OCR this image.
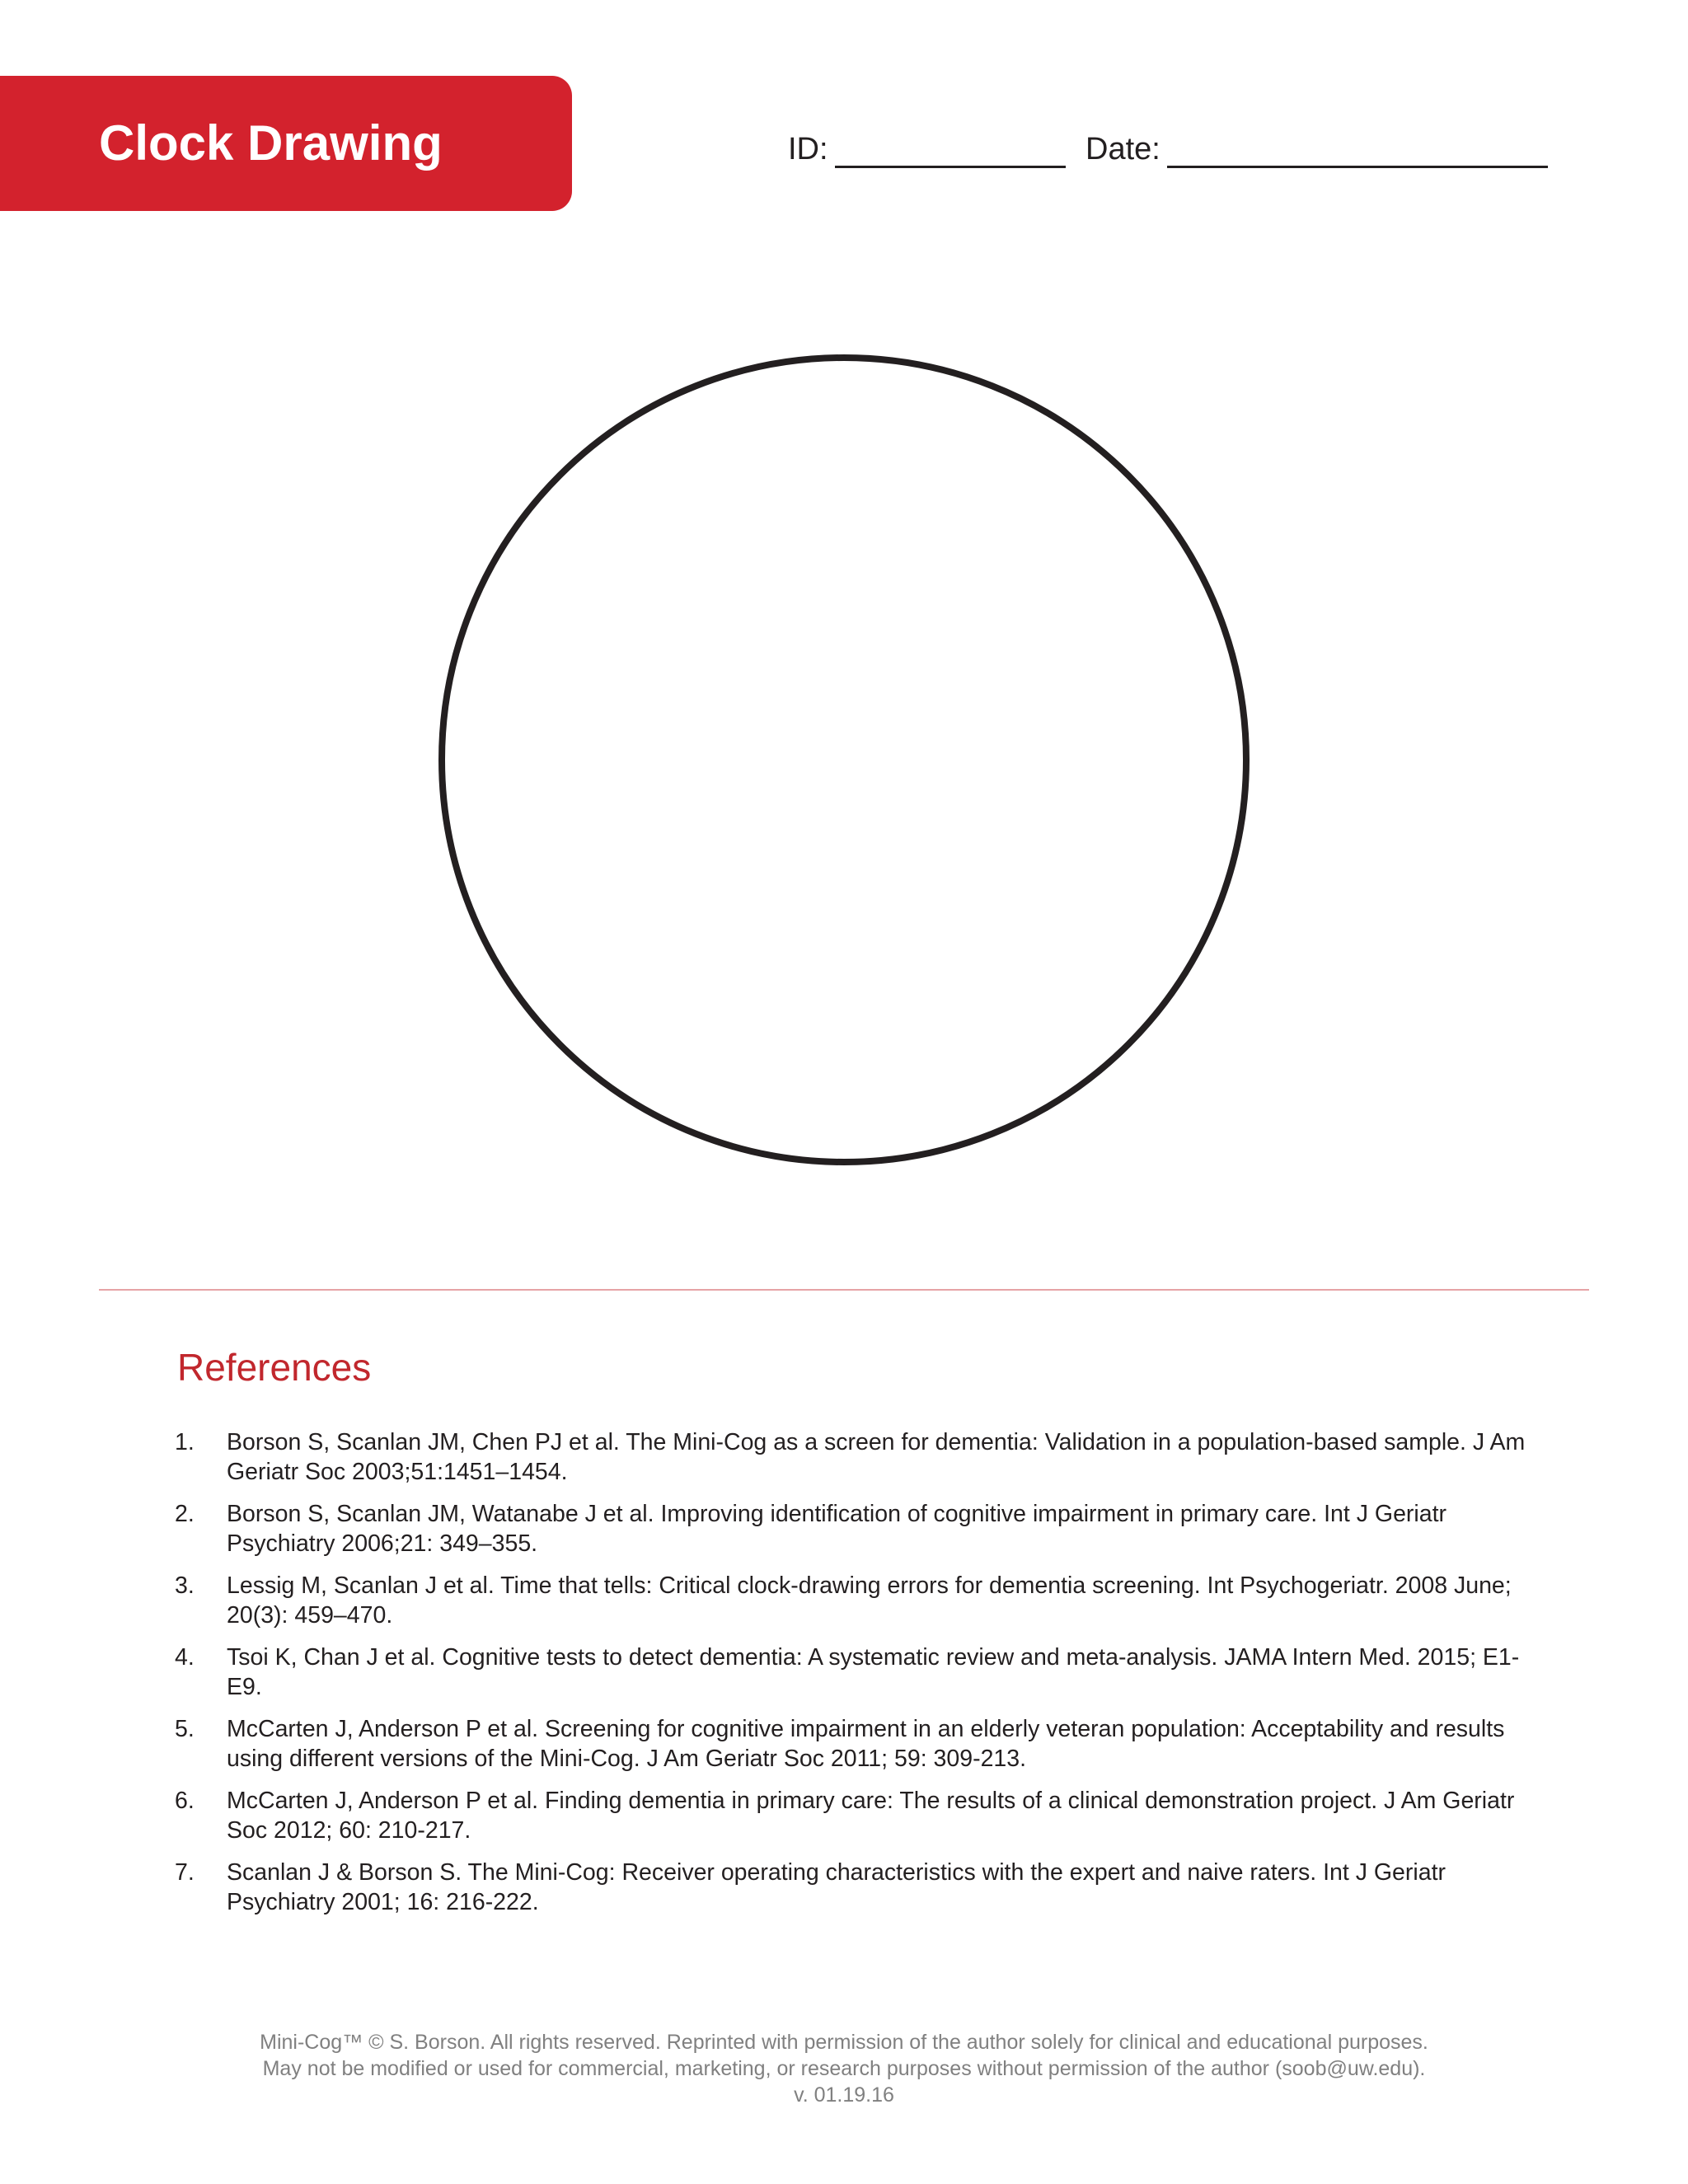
Clock Drawing	ID:	Date:
References
1.	Borson S, Scanlan JM, Chen PJ et al. The Mini-Cog as a screen for dementia: Validation in a population-based sample. J Am Geriatr Soc 2003;51:1451–1454.
2.	Borson S, Scanlan JM, Watanabe J et al. Improving identification of cognitive impairment in primary care. Int J Geriatr Psychiatry 2006;21: 349–355.
3.	Lessig M, Scanlan J et al. Time that tells: Critical clock-drawing errors for dementia screening. Int Psychogeriatr. 2008 June; 20(3): 459–470.
4.	Tsoi K, Chan J et al. Cognitive tests to detect dementia: A systematic review and meta-analysis. JAMA Intern Med. 2015; E1-E9.
5.	McCarten J, Anderson P et al. Screening for cognitive impairment in an elderly veteran population: Acceptability and results using different versions of the Mini-Cog. J Am Geriatr Soc 2011; 59: 309-213.
6.	McCarten J, Anderson P et al. Finding dementia in primary care: The results of a clinical demonstration project. J Am Geriatr Soc 2012; 60: 210-217.
7.	Scanlan J & Borson S. The Mini-Cog: Receiver operating characteristics with the expert and naive raters. Int J Geriatr Psychiatry 2001; 16: 216-222.
Mini-Cog™ © S. Borson. All rights reserved. Reprinted with permission of the author solely for clinical and educational purposes.
May not be modified or used for commercial, marketing, or research purposes without permission of the author (soob@uw.edu).
v. 01.19.16
